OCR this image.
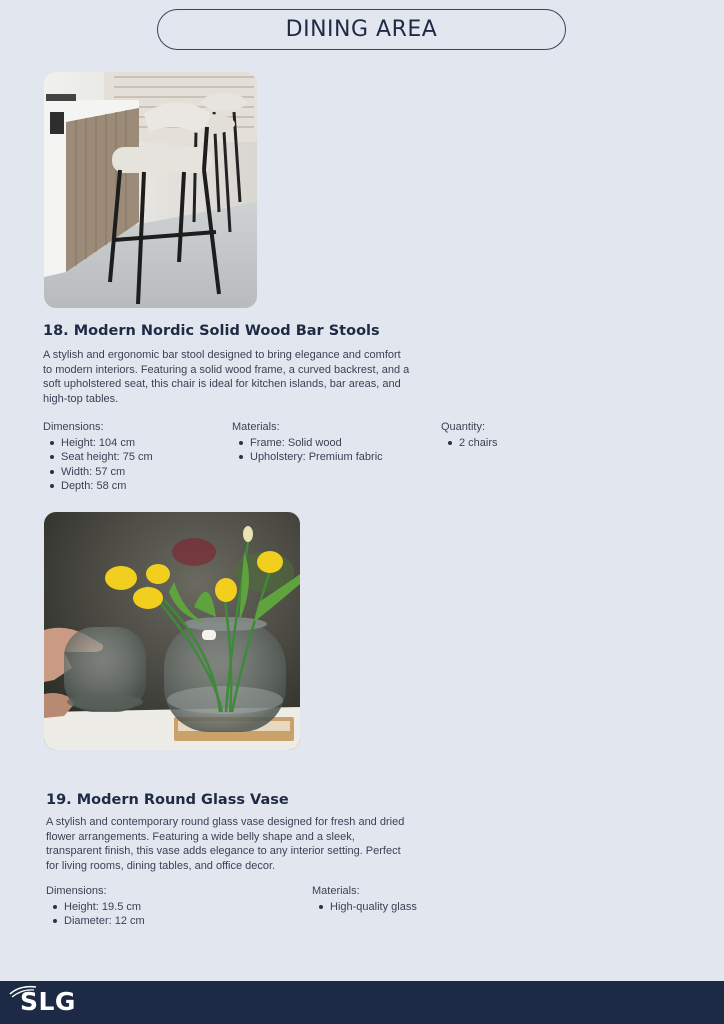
DINING AREA
18. Modern Nordic Solid Wood Bar Stools
A stylish and ergonomic bar stool designed to bring elegance and comfort
to modern interiors. Featuring a solid wood frame, a curved backrest, and a
soft upholstered seat, this chair is ideal for kitchen islands, bar areas, and
high-top tables.
Dimensions:
Height: 104 cm
Seat height: 75 cm
Width: 57 cm
Depth: 58 cm
Materials:
Frame: Solid wood
Upholstery: Premium fabric
Quantity:
2 chairs
19. Modern Round Glass Vase
A stylish and contemporary round glass vase designed for fresh and dried
flower arrangements. Featuring a wide belly shape and a sleek,
transparent finish, this vase adds elegance to any interior setting. Perfect
for living rooms, dining tables, and office decor.
Dimensions:
Height: 19.5 cm
Diameter: 12 cm
Materials:
High-quality glass
SLG
